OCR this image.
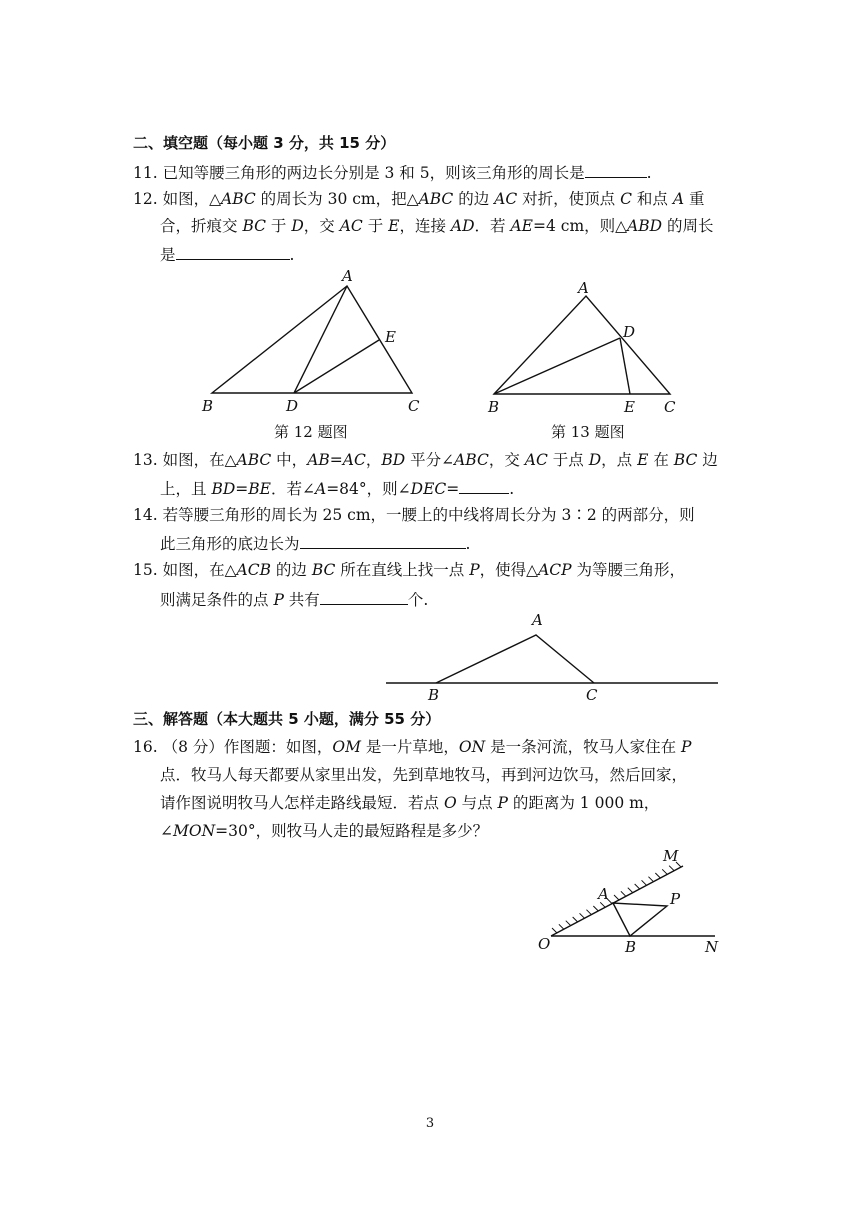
二、填空题（每小题 3 分，共 15 分）
11. 已知等腰三角形的两边长分别是 3 和 5，则该三角形的周长是	.
12. 如图，△ABC 的周长为 30 cm，把△ABC 的边 AC 对折，使顶点 C 和点 A 重
合，折痕交 BC 于 D，交 AC 于 E，连接 AD．若 AE=4 cm，则△ABD 的周长
是	.
A
E
B	D	C
第 12 题图
A
D
B	E C
第 13 题图
13. 如图，在△ABC 中，AB=AC，BD 平分∠ABC，交 AC 于点 D，点 E 在 BC 边
上，且 BD=BE．若∠A=84°，则∠DEC=	.
14. 若等腰三角形的周长为 25 cm，一腰上的中线将周长分为 3∶2 的两部分，则
此三角形的底边长为	.
15. 如图，在△ACB 的边 BC 所在直线上找一点 P，使得△ACP 为等腰三角形，
则满足条件的点 P 共有	个.
A
B	C
三、解答题（本大题共 5 小题，满分 55 分）
16. （8 分）作图题：如图，OM 是一片草地，ON 是一条河流，牧马人家住在 P
点．牧马人每天都要从家里出发，先到草地牧马，再到河边饮马，然后回家，
请作图说明牧马人怎样走路线最短．若点 O 与点 P 的距离为 1 000 m，
∠MON=30°，则牧马人走的最短路程是多少？
M
A	P
O	B	N
3
